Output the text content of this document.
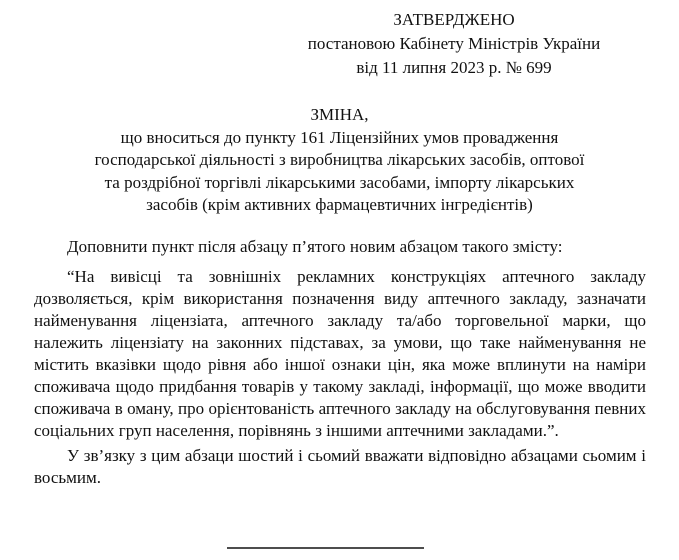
ЗАТВЕРДЖЕНО
постановою Кабінету Міністрів України
від 11 липня 2023 р. № 699
ЗМІНА,
що вноситься до пункту 161 Ліцензійних умов провадження
господарської діяльності з виробництва лікарських засобів, оптової
та роздрібної торгівлі лікарськими засобами, імпорту лікарських
засобів (крім активних фармацевтичних інгредієнтів)

Доповнити пункт після абзацу п’ятого новим абзацом такого змісту:

“На вивісці та зовнішніх рекламних конструкціях аптечного закладу дозволяється, крім використання позначення виду аптечного закладу, зазначати найменування ліцензіата, аптечного закладу та/або торговельної марки, що належить ліцензіату на законних підставах, за умови, що таке найменування не містить вказівки щодо рівня або іншої ознаки цін, яка може вплинути на наміри споживача щодо придбання товарів у такому закладі, інформації, що може вводити споживача в оману, про орієнтованість аптечного закладу на обслуговування певних соціальних груп населення, порівнянь з іншими аптечними закладами.”.

У зв’язку з цим абзаци шостий і сьомий вважати відповідно абзацами сьомим і восьмим.
